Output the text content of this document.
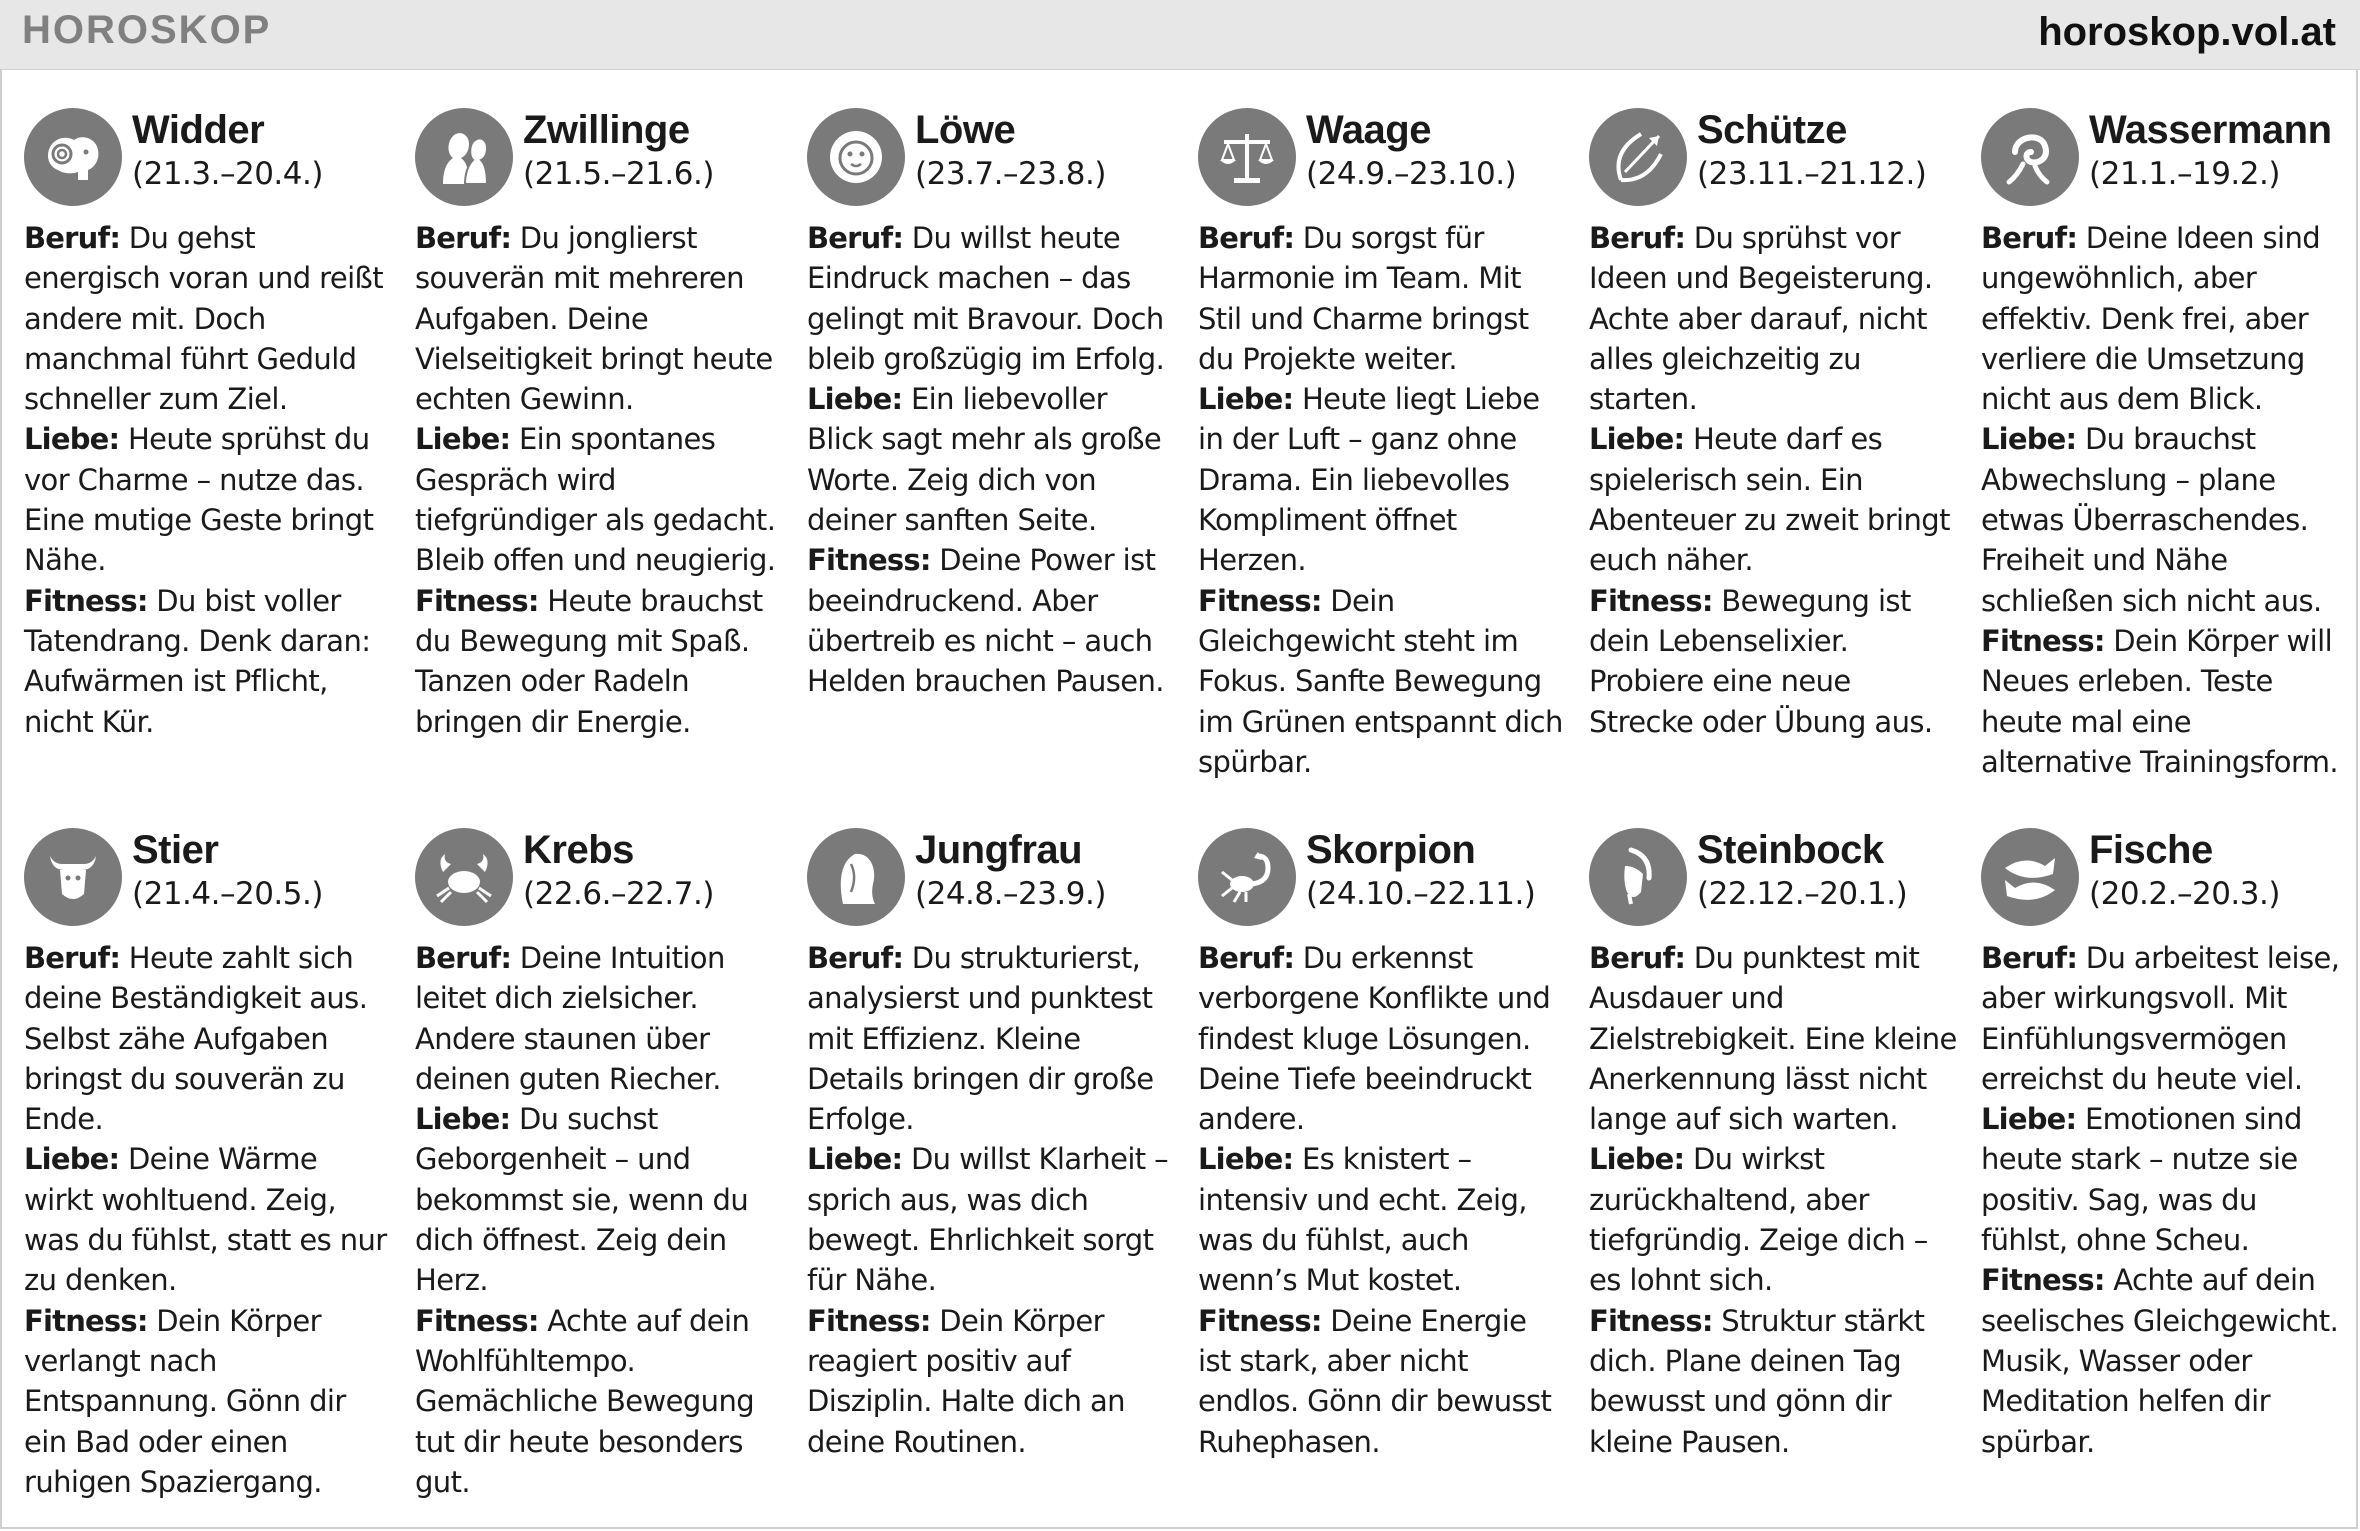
HOROSKOP	horoskop.vol.at
Widder
(21.3.–20.4.)
Beruf: Du gehst energisch voran und reißt andere mit. Doch manchmal führt Geduld schneller zum Ziel.
Liebe: Heute sprühst du vor Charme – nutze das. Eine mutige Geste bringt Nähe.
Fitness: Du bist voller Tatendrang. Denk daran: Aufwärmen ist Pflicht, nicht Kür.
Zwillinge
(21.5.–21.6.)
Beruf: Du jonglierst souverän mit mehreren Aufgaben. Deine Vielseitigkeit bringt heute echten Gewinn.
Liebe: Ein spontanes Gespräch wird tiefgründiger als gedacht. Bleib offen und neugierig.
Fitness: Heute brauchst du Bewegung mit Spaß. Tanzen oder Radeln bringen dir Energie.
Löwe
(23.7.–23.8.)
Beruf: Du willst heute Eindruck machen – das gelingt mit Bravour. Doch bleib großzügig im Erfolg.
Liebe: Ein liebevoller Blick sagt mehr als große Worte. Zeig dich von deiner sanften Seite.
Fitness: Deine Power ist beeindruckend. Aber übertreib es nicht – auch Helden brauchen Pausen.
Waage
(24.9.–23.10.)
Beruf: Du sorgst für Harmonie im Team. Mit Stil und Charme bringst du Projekte weiter.
Liebe: Heute liegt Liebe in der Luft – ganz ohne Drama. Ein liebevolles Kompliment öffnet Herzen.
Fitness: Dein Gleichgewicht steht im Fokus. Sanfte Bewegung im Grünen entspannt dich spürbar.
Schütze
(23.11.–21.12.)
Beruf: Du sprühst vor Ideen und Begeisterung. Achte aber darauf, nicht alles gleichzeitig zu starten.
Liebe: Heute darf es spielerisch sein. Ein Abenteuer zu zweit bringt euch näher.
Fitness: Bewegung ist dein Lebenselixier. Probiere eine neue Strecke oder Übung aus.
Wassermann
(21.1.–19.2.)
Beruf: Deine Ideen sind ungewöhnlich, aber effektiv. Denk frei, aber verliere die Umsetzung nicht aus dem Blick.
Liebe: Du brauchst Abwechslung – plane etwas Überraschendes. Freiheit und Nähe schließen sich nicht aus.
Fitness: Dein Körper will Neues erleben. Teste heute mal eine alternative Trainingsform.
Stier
(21.4.–20.5.)
Beruf: Heute zahlt sich deine Beständigkeit aus. Selbst zähe Aufgaben bringst du souverän zu Ende.
Liebe: Deine Wärme wirkt wohltuend. Zeig, was du fühlst, statt es nur zu denken.
Fitness: Dein Körper verlangt nach Entspannung. Gönn dir ein Bad oder einen ruhigen Spaziergang.
Krebs
(22.6.–22.7.)
Beruf: Deine Intuition leitet dich zielsicher. Andere staunen über deinen guten Riecher.
Liebe: Du suchst Geborgenheit – und bekommst sie, wenn du dich öffnest. Zeig dein Herz.
Fitness: Achte auf dein Wohlfühltempo. Gemächliche Bewegung tut dir heute besonders gut.
Jungfrau
(24.8.–23.9.)
Beruf: Du strukturierst, analysierst und punktest mit Effizienz. Kleine Details bringen dir große Erfolge.
Liebe: Du willst Klarheit – sprich aus, was dich bewegt. Ehrlichkeit sorgt für Nähe.
Fitness: Dein Körper reagiert positiv auf Disziplin. Halte dich an deine Routinen.
Skorpion
(24.10.–22.11.)
Beruf: Du erkennst verborgene Konflikte und findest kluge Lösungen. Deine Tiefe beeindruckt andere.
Liebe: Es knistert – intensiv und echt. Zeig, was du fühlst, auch wenn’s Mut kostet.
Fitness: Deine Energie ist stark, aber nicht endlos. Gönn dir bewusst Ruhephasen.
Steinbock
(22.12.–20.1.)
Beruf: Du punktest mit Ausdauer und Zielstrebigkeit. Eine kleine Anerkennung lässt nicht lange auf sich warten.
Liebe: Du wirkst zurückhaltend, aber tiefgründig. Zeige dich – es lohnt sich.
Fitness: Struktur stärkt dich. Plane deinen Tag bewusst und gönn dir kleine Pausen.
Fische
(20.2.–20.3.)
Beruf: Du arbeitest leise, aber wirkungsvoll. Mit Einfühlungsvermögen erreichst du heute viel.
Liebe: Emotionen sind heute stark – nutze sie positiv. Sag, was du fühlst, ohne Scheu.
Fitness: Achte auf dein seelisches Gleichgewicht. Musik, Wasser oder Meditation helfen dir spürbar.
